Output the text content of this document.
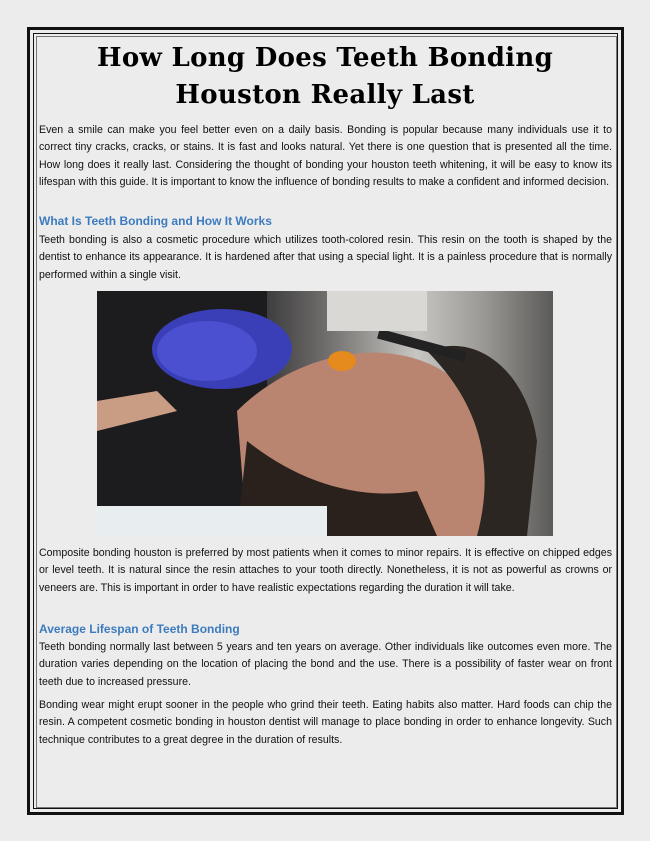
How Long Does Teeth Bonding
Houston Really Last
Even a smile can make you feel better even on a daily basis. Bonding is popular because many individuals use it to correct tiny cracks, cracks, or stains. It is fast and looks natural. Yet there is one question that is presented all the time. How long does it really last. Considering the thought of bonding your houston teeth whitening, it will be easy to know its lifespan with this guide. It is important to know the influence of bonding results to make a confident and informed decision.
What Is Teeth Bonding and How It Works
Teeth bonding is also a cosmetic procedure which utilizes tooth-colored resin. This resin on the tooth is shaped by the dentist to enhance its appearance. It is hardened after that using a special light. It is a painless procedure that is normally performed within a single visit.
Composite bonding houston is preferred by most patients when it comes to minor repairs. It is effective on chipped edges or level teeth. It is natural since the resin attaches to your tooth directly. Nonetheless, it is not as powerful as crowns or veneers are. This is important in order to have realistic expectations regarding the duration it will take.
Average Lifespan of Teeth Bonding
Teeth bonding normally last between 5 years and ten years on average. Other individuals like outcomes even more. The duration varies depending on the location of placing the bond and the use. There is a possibility of faster wear on front teeth due to increased pressure.
Bonding wear might erupt sooner in the people who grind their teeth. Eating habits also matter. Hard foods can chip the resin. A competent cosmetic bonding in houston dentist will manage to place bonding in order to enhance longevity. Such technique contributes to a great degree in the duration of results.
